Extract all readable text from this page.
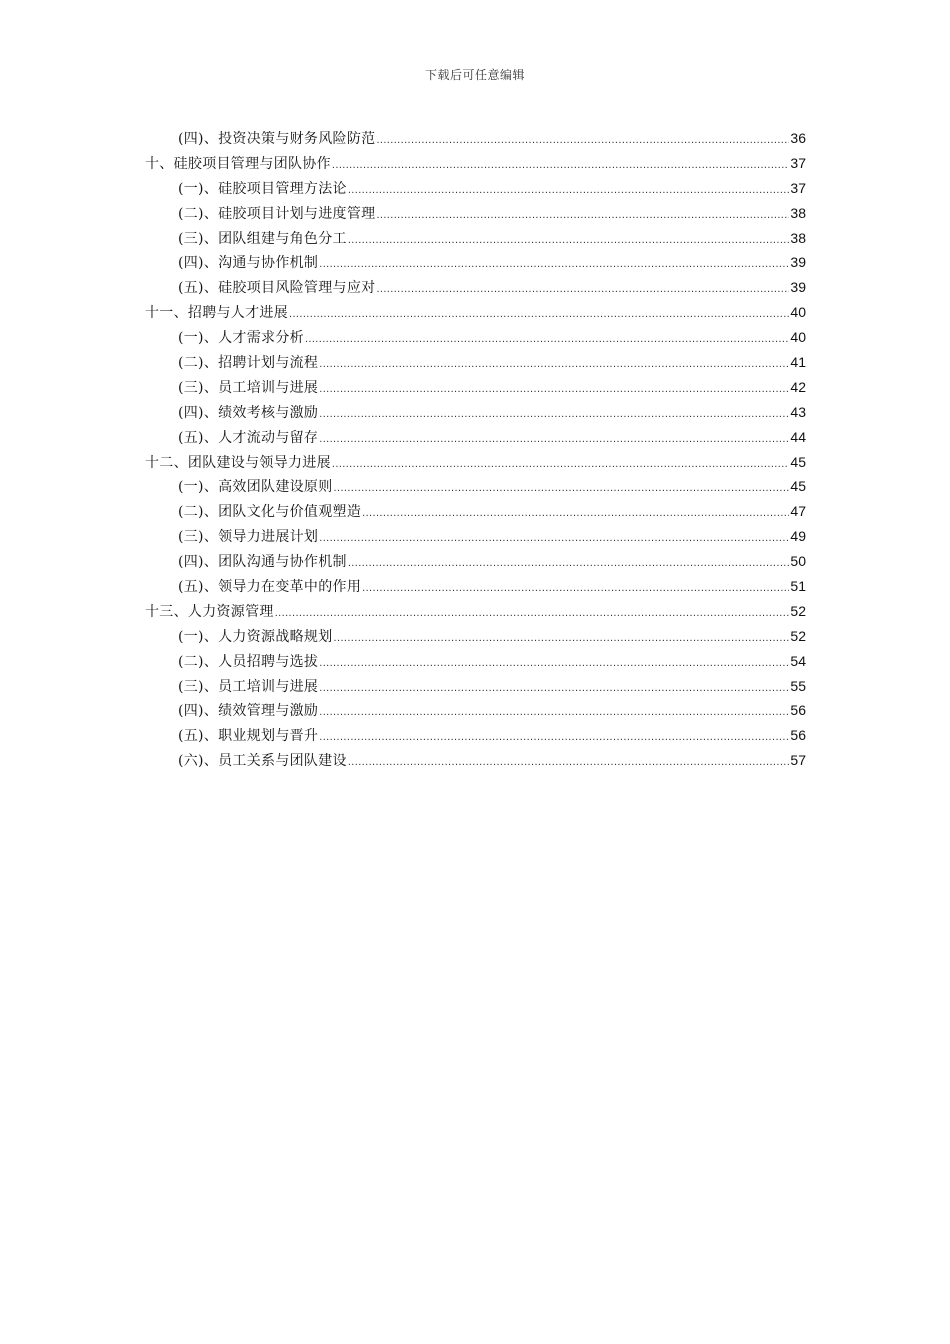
下载后可任意编辑
(四)、投资决策与财务风险防范 .....	36
十、硅胶项目管理与团队协作 .....	37
(一)、硅胶项目管理方法论 .....	37
(二)、硅胶项目计划与进度管理 .....	38
(三)、团队组建与角色分工 .....	38
(四)、沟通与协作机制 .....	39
(五)、硅胶项目风险管理与应对 .....	39
十一、招聘与人才进展 .....	40
(一)、人才需求分析 .....	40
(二)、招聘计划与流程 .....	41
(三)、员工培训与进展 .....	42
(四)、绩效考核与激励 .....	43
(五)、人才流动与留存 .....	44
十二、团队建设与领导力进展 .....	45
(一)、高效团队建设原则 .....	45
(二)、团队文化与价值观塑造 .....	47
(三)、领导力进展计划 .....	49
(四)、团队沟通与协作机制 .....	50
(五)、领导力在变革中的作用 .....	51
十三、人力资源管理 .....	52
(一)、人力资源战略规划 .....	52
(二)、人员招聘与选拔 .....	54
(三)、员工培训与进展 .....	55
(四)、绩效管理与激励 .....	56
(五)、职业规划与晋升 .....	56
(六)、员工关系与团队建设 .....	57
